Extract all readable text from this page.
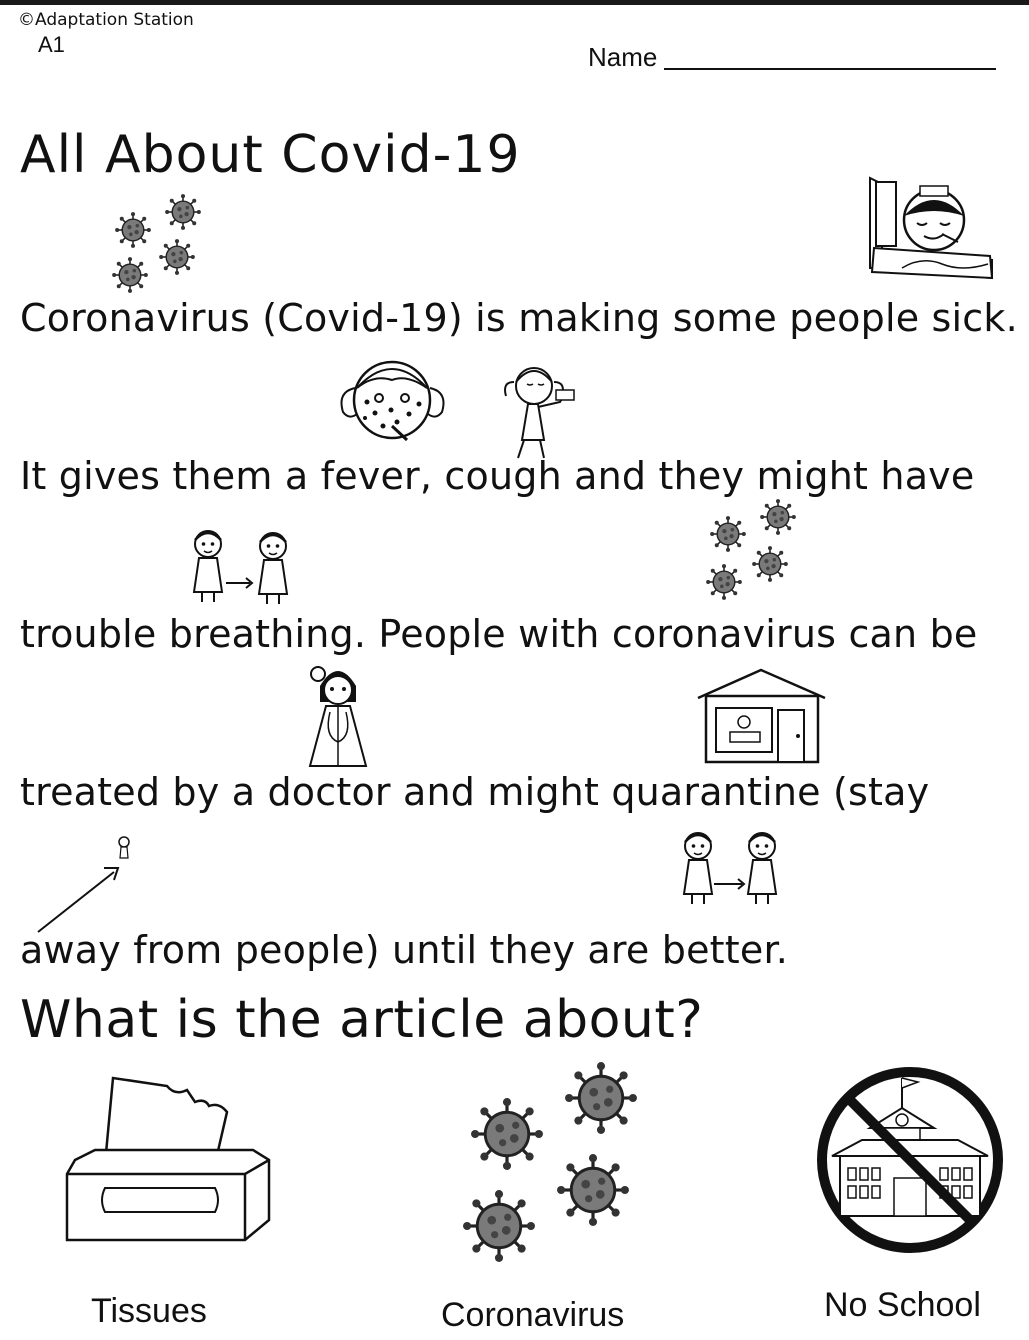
©Adaptation Station
A1	Name
All About Covid-19
Coronavirus (Covid-19) is making some people sick.
It gives them a fever, cough and they might have
trouble breathing. People with coronavirus can be
treated by a doctor and might quarantine (stay
away from people) until they are better.
What is the article about?
Tissues	Coronavirus	No School
